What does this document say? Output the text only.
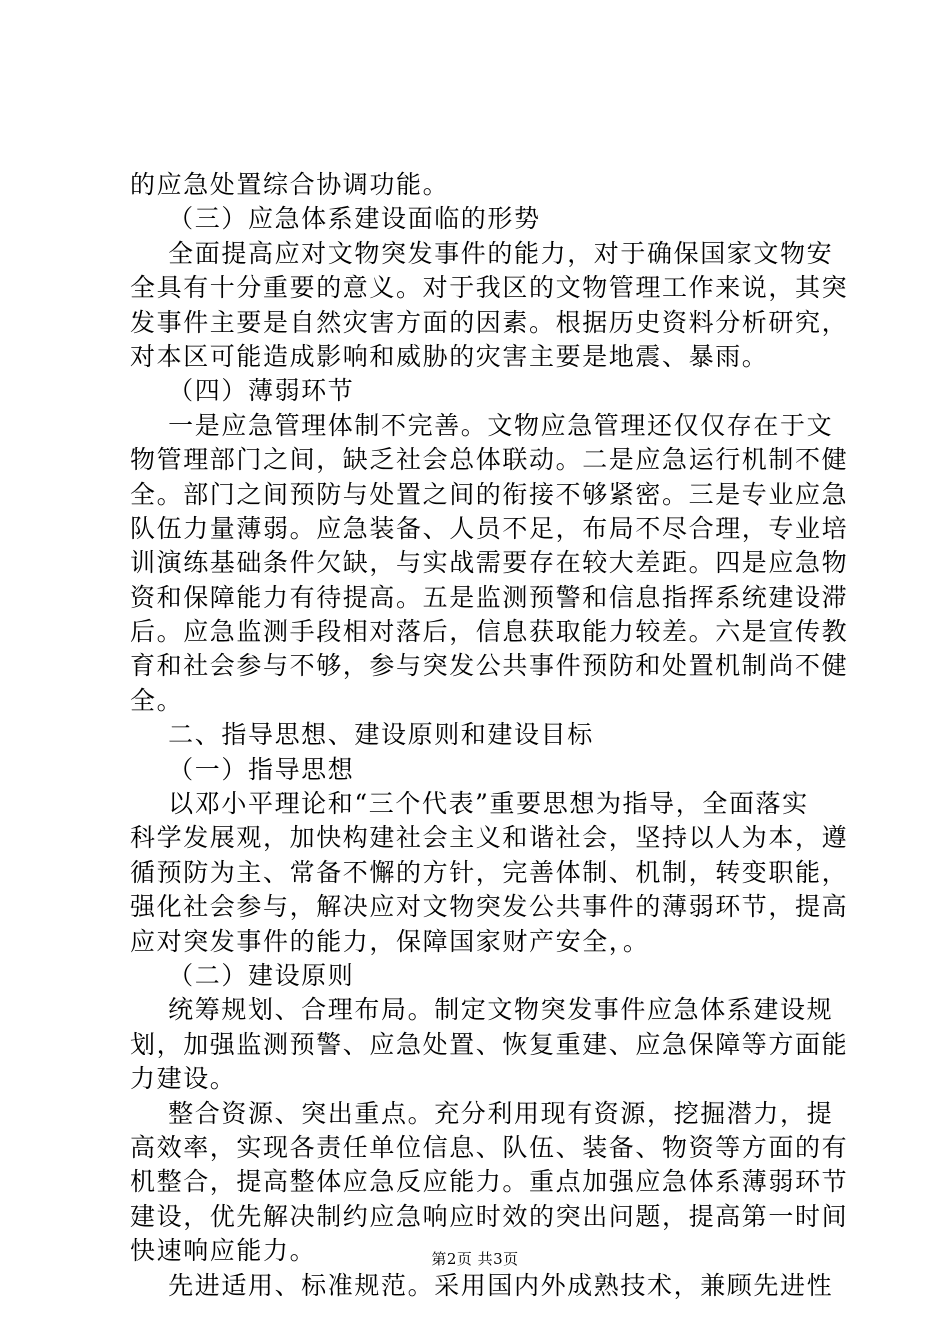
的应急处置综合协调功能。
（三）应急体系建设面临的形势
全面提高应对文物突发事件的能力，对于确保国家文物安
全具有十分重要的意义。对于我区的文物管理工作来说，其突
发事件主要是自然灾害方面的因素。根据历史资料分析研究，
对本区可能造成影响和威胁的灾害主要是地震、暴雨。
（四）薄弱环节
一是应急管理体制不完善。文物应急管理还仅仅存在于文
物管理部门之间，缺乏社会总体联动。二是应急运行机制不健
全。部门之间预防与处置之间的衔接不够紧密。三是专业应急
队伍力量薄弱。应急装备、人员不足，布局不尽合理，专业培
训演练基础条件欠缺，与实战需要存在较大差距。四是应急物
资和保障能力有待提高。五是监测预警和信息指挥系统建设滞
后。应急监测手段相对落后，信息获取能力较差。六是宣传教
育和社会参与不够，参与突发公共事件预防和处置机制尚不健
全。
二、指导思想、建设原则和建设目标
（一）指导思想
以邓小平理论和“三个代表”重要思想为指导，全面落实
科学发展观，加快构建社会主义和谐社会，坚持以人为本，遵
循预防为主、常备不懈的方针，完善体制、机制，转变职能，
强化社会参与，解决应对文物突发公共事件的薄弱环节，提高
应对突发事件的能力，保障国家财产安全，。
（二）建设原则
统筹规划、合理布局。制定文物突发事件应急体系建设规
划，加强监测预警、应急处置、恢复重建、应急保障等方面能
力建设。
整合资源、突出重点。充分利用现有资源，挖掘潜力，提
高效率，实现各责任单位信息、队伍、装备、物资等方面的有
机整合，提高整体应急反应能力。重点加强应急体系薄弱环节
建设，优先解决制约应急响应时效的突出问题，提高第一时间
快速响应能力。
先进适用、标准规范。采用国内外成熟技术，兼顾先进性
第2页 共3页
